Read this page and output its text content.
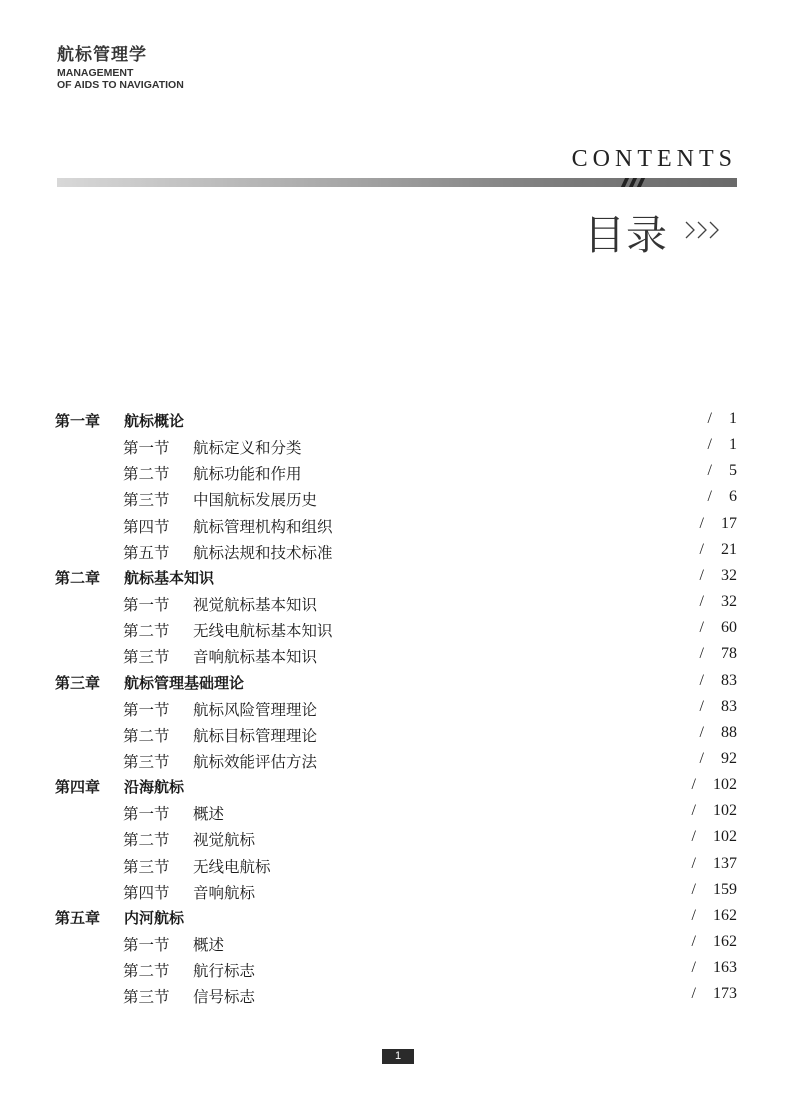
航标管理学
MANAGEMENT
OF AIDS TO NAVIGATION
CONTENTS
目录
第一章 航标概论	/ 1
第一节 航标定义和分类	/ 1
第二节 航标功能和作用	/ 5
第三节 中国航标发展历史	/ 6
第四节 航标管理机构和组织	/ 17
第五节 航标法规和技术标准	/ 21
第二章 航标基本知识	/ 32
第一节 视觉航标基本知识	/ 32
第二节 无线电航标基本知识	/ 60
第三节 音响航标基本知识	/ 78
第三章 航标管理基础理论	/ 83
第一节 航标风险管理理论	/ 83
第二节 航标目标管理理论	/ 88
第三节 航标效能评估方法	/ 92
第四章 沿海航标	/ 102
第一节 概述	/ 102
第二节 视觉航标	/ 102
第三节 无线电航标	/ 137
第四节 音响航标	/ 159
第五章 内河航标	/ 162
第一节 概述	/ 162
第二节 航行标志	/ 163
第三节 信号标志	/ 173
1
